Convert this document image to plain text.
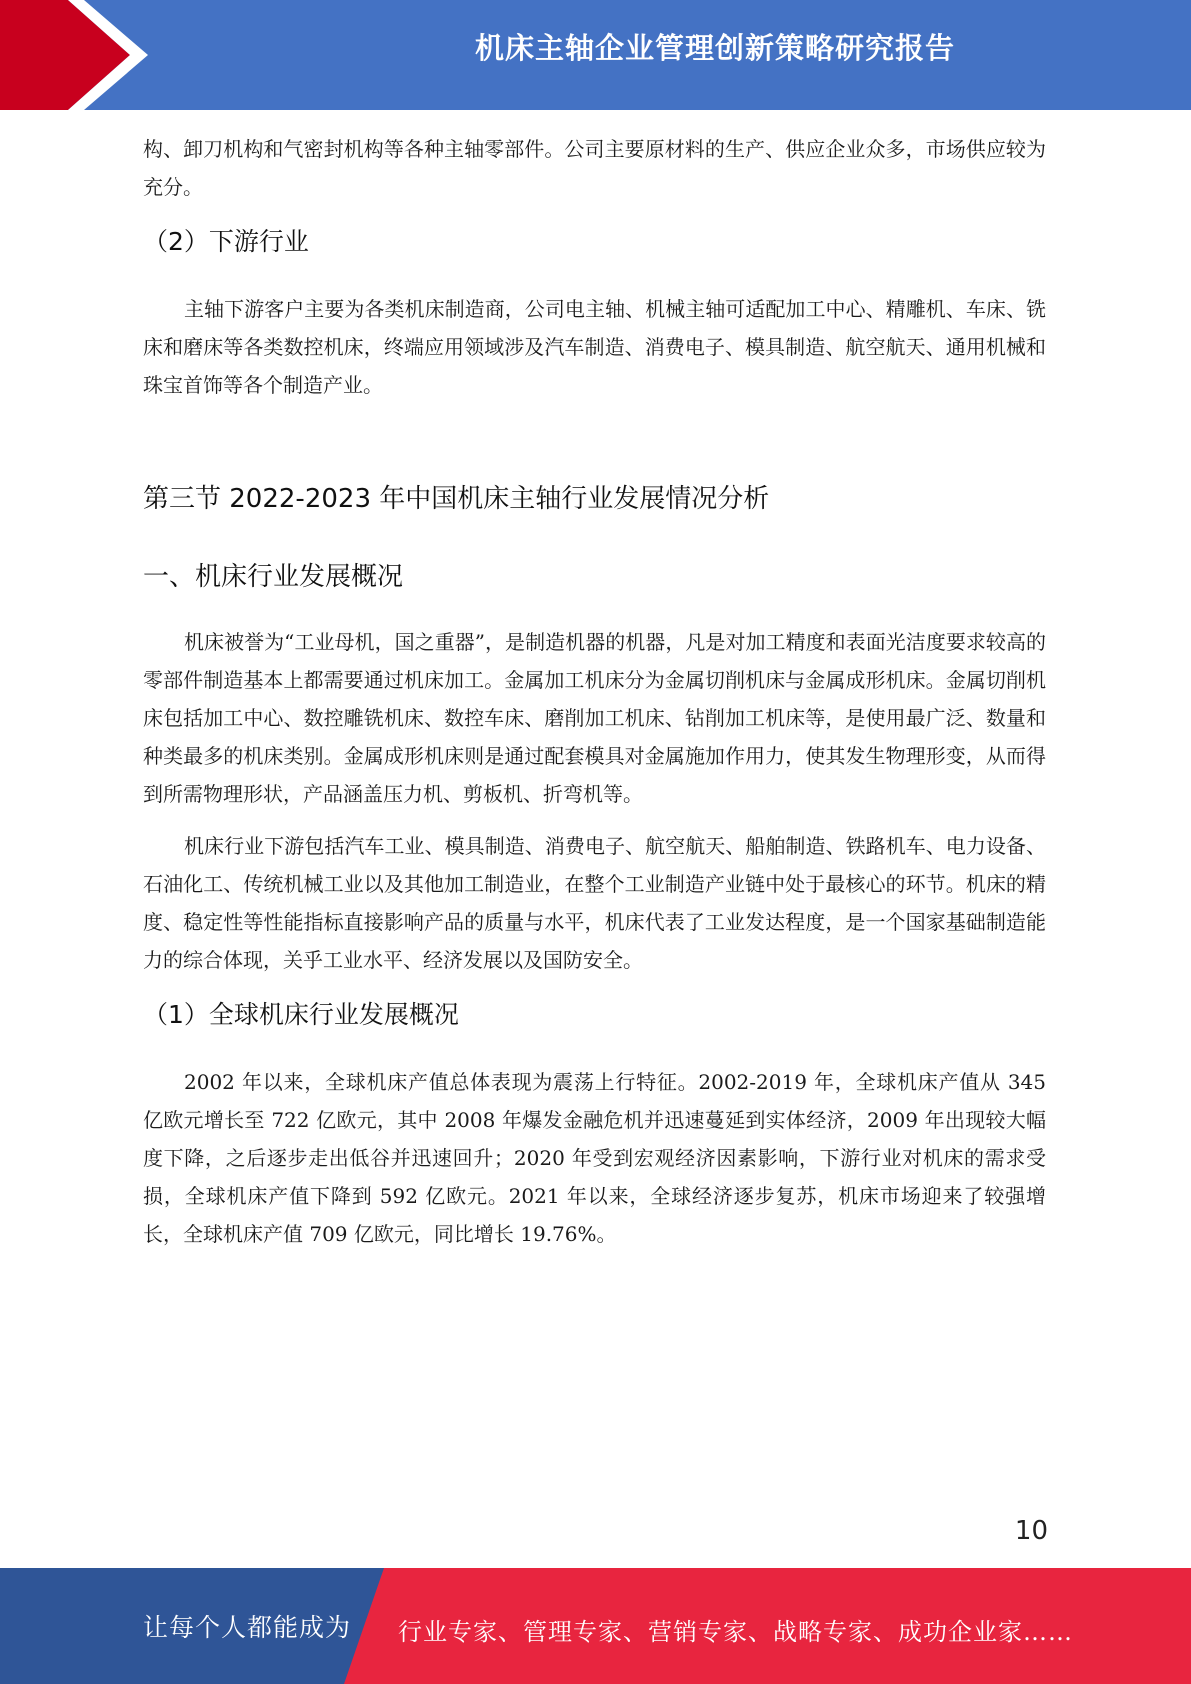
机床主轴企业管理创新策略研究报告

构、卸刀机构和气密封机构等各种主轴零部件。公司主要原材料的生产、供应企业众多，市场供应较为充分。

（2）下游行业

主轴下游客户主要为各类机床制造商，公司电主轴、机械主轴可适配加工中心、精雕机、车床、铣床和磨床等各类数控机床，终端应用领域涉及汽车制造、消费电子、模具制造、航空航天、通用机械和珠宝首饰等各个制造产业。

第三节 2022-2023 年中国机床主轴行业发展情况分析
一、机床行业发展概况

机床被誉为“工业母机，国之重器”，是制造机器的机器，凡是对加工精度和表面光洁度要求较高的零部件制造基本上都需要通过机床加工。金属加工机床分为金属切削机床与金属成形机床。金属切削机床包括加工中心、数控雕铣机床、数控车床、磨削加工机床、钻削加工机床等，是使用最广泛、数量和种类最多的机床类别。金属成形机床则是通过配套模具对金属施加作用力，使其发生物理形变，从而得到所需物理形状，产品涵盖压力机、剪板机、折弯机等。

机床行业下游包括汽车工业、模具制造、消费电子、航空航天、船舶制造、铁路机车、电力设备、石油化工、传统机械工业以及其他加工制造业，在整个工业制造产业链中处于最核心的环节。机床的精度、稳定性等性能指标直接影响产品的质量与水平，机床代表了工业发达程度，是一个国家基础制造能力的综合体现，关乎工业水平、经济发展以及国防安全。

（1）全球机床行业发展概况

2002 年以来，全球机床产值总体表现为震荡上行特征。2002-2019 年，全球机床产值从 345 亿欧元增长至 722 亿欧元，其中 2008 年爆发金融危机并迅速蔓延到实体经济，2009 年出现较大幅度下降，之后逐步走出低谷并迅速回升；2020 年受到宏观经济因素影响，下游行业对机床的需求受损，全球机床产值下降到 592 亿欧元。2021 年以来，全球经济逐步复苏，机床市场迎来了较强增长，全球机床产值 709 亿欧元，同比增长 19.76%。

10
让每个人都能成为 行业专家、管理专家、营销专家、战略专家、成功企业家……
